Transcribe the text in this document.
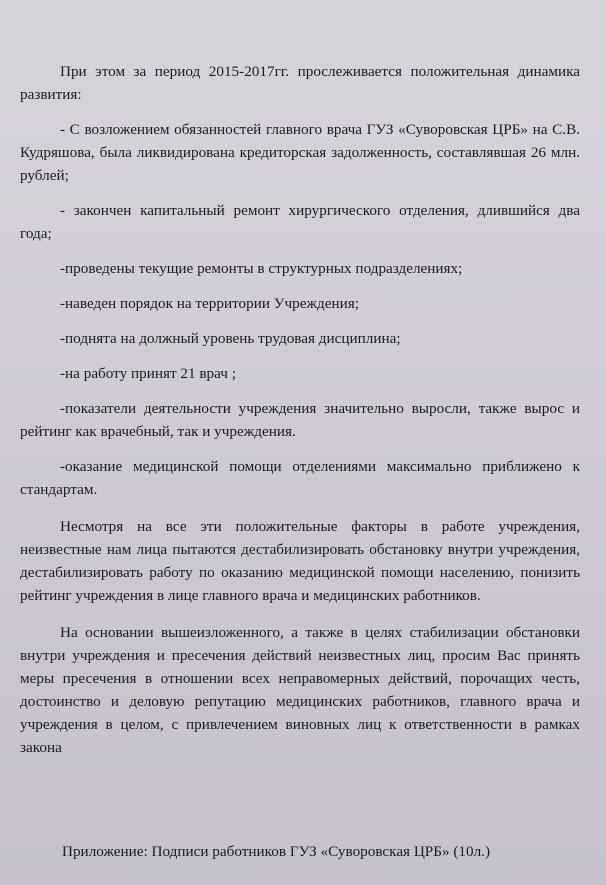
При этом за период 2015-2017гг. прослеживается положительная динамика развития:

- С возложением обязанностей главного врача ГУЗ «Суворовская ЦРБ» на С.В. Кудряшова, была ликвидирована кредиторская задолженность, составлявшая 26 млн. рублей;

- закончен капитальный ремонт хирургического отделения, длившийся два года;

-проведены текущие ремонты в структурных подразделениях;

-наведен порядок на территории Учреждения;

-поднята на должный уровень трудовая дисциплина;

-на работу принят 21 врач ;

-показатели деятельности учреждения значительно выросли, также вырос и рейтинг как врачебный, так и учреждения.

-оказание медицинской помощи отделениями максимально приближено к стандартам.

Несмотря на все эти положительные факторы в работе учреждения, неизвестные нам лица пытаются дестабилизировать обстановку внутри учреждения, дестабилизировать работу по оказанию медицинской помощи населению, понизить рейтинг учреждения в лице главного врача и медицинских работников.

На основании вышеизложенного, а также в целях стабилизации обстановки внутри учреждения и пресечения действий неизвестных лиц, просим Вас принять меры пресечения в отношении всех неправомерных действий, порочащих честь, достоинство и деловую репутацию медицинских работников, главного врача и учреждения в целом, с привлечением виновных лиц к ответственности в рамках закона

Приложение: Подписи работников ГУЗ «Суворовская ЦРБ» (10л.)
